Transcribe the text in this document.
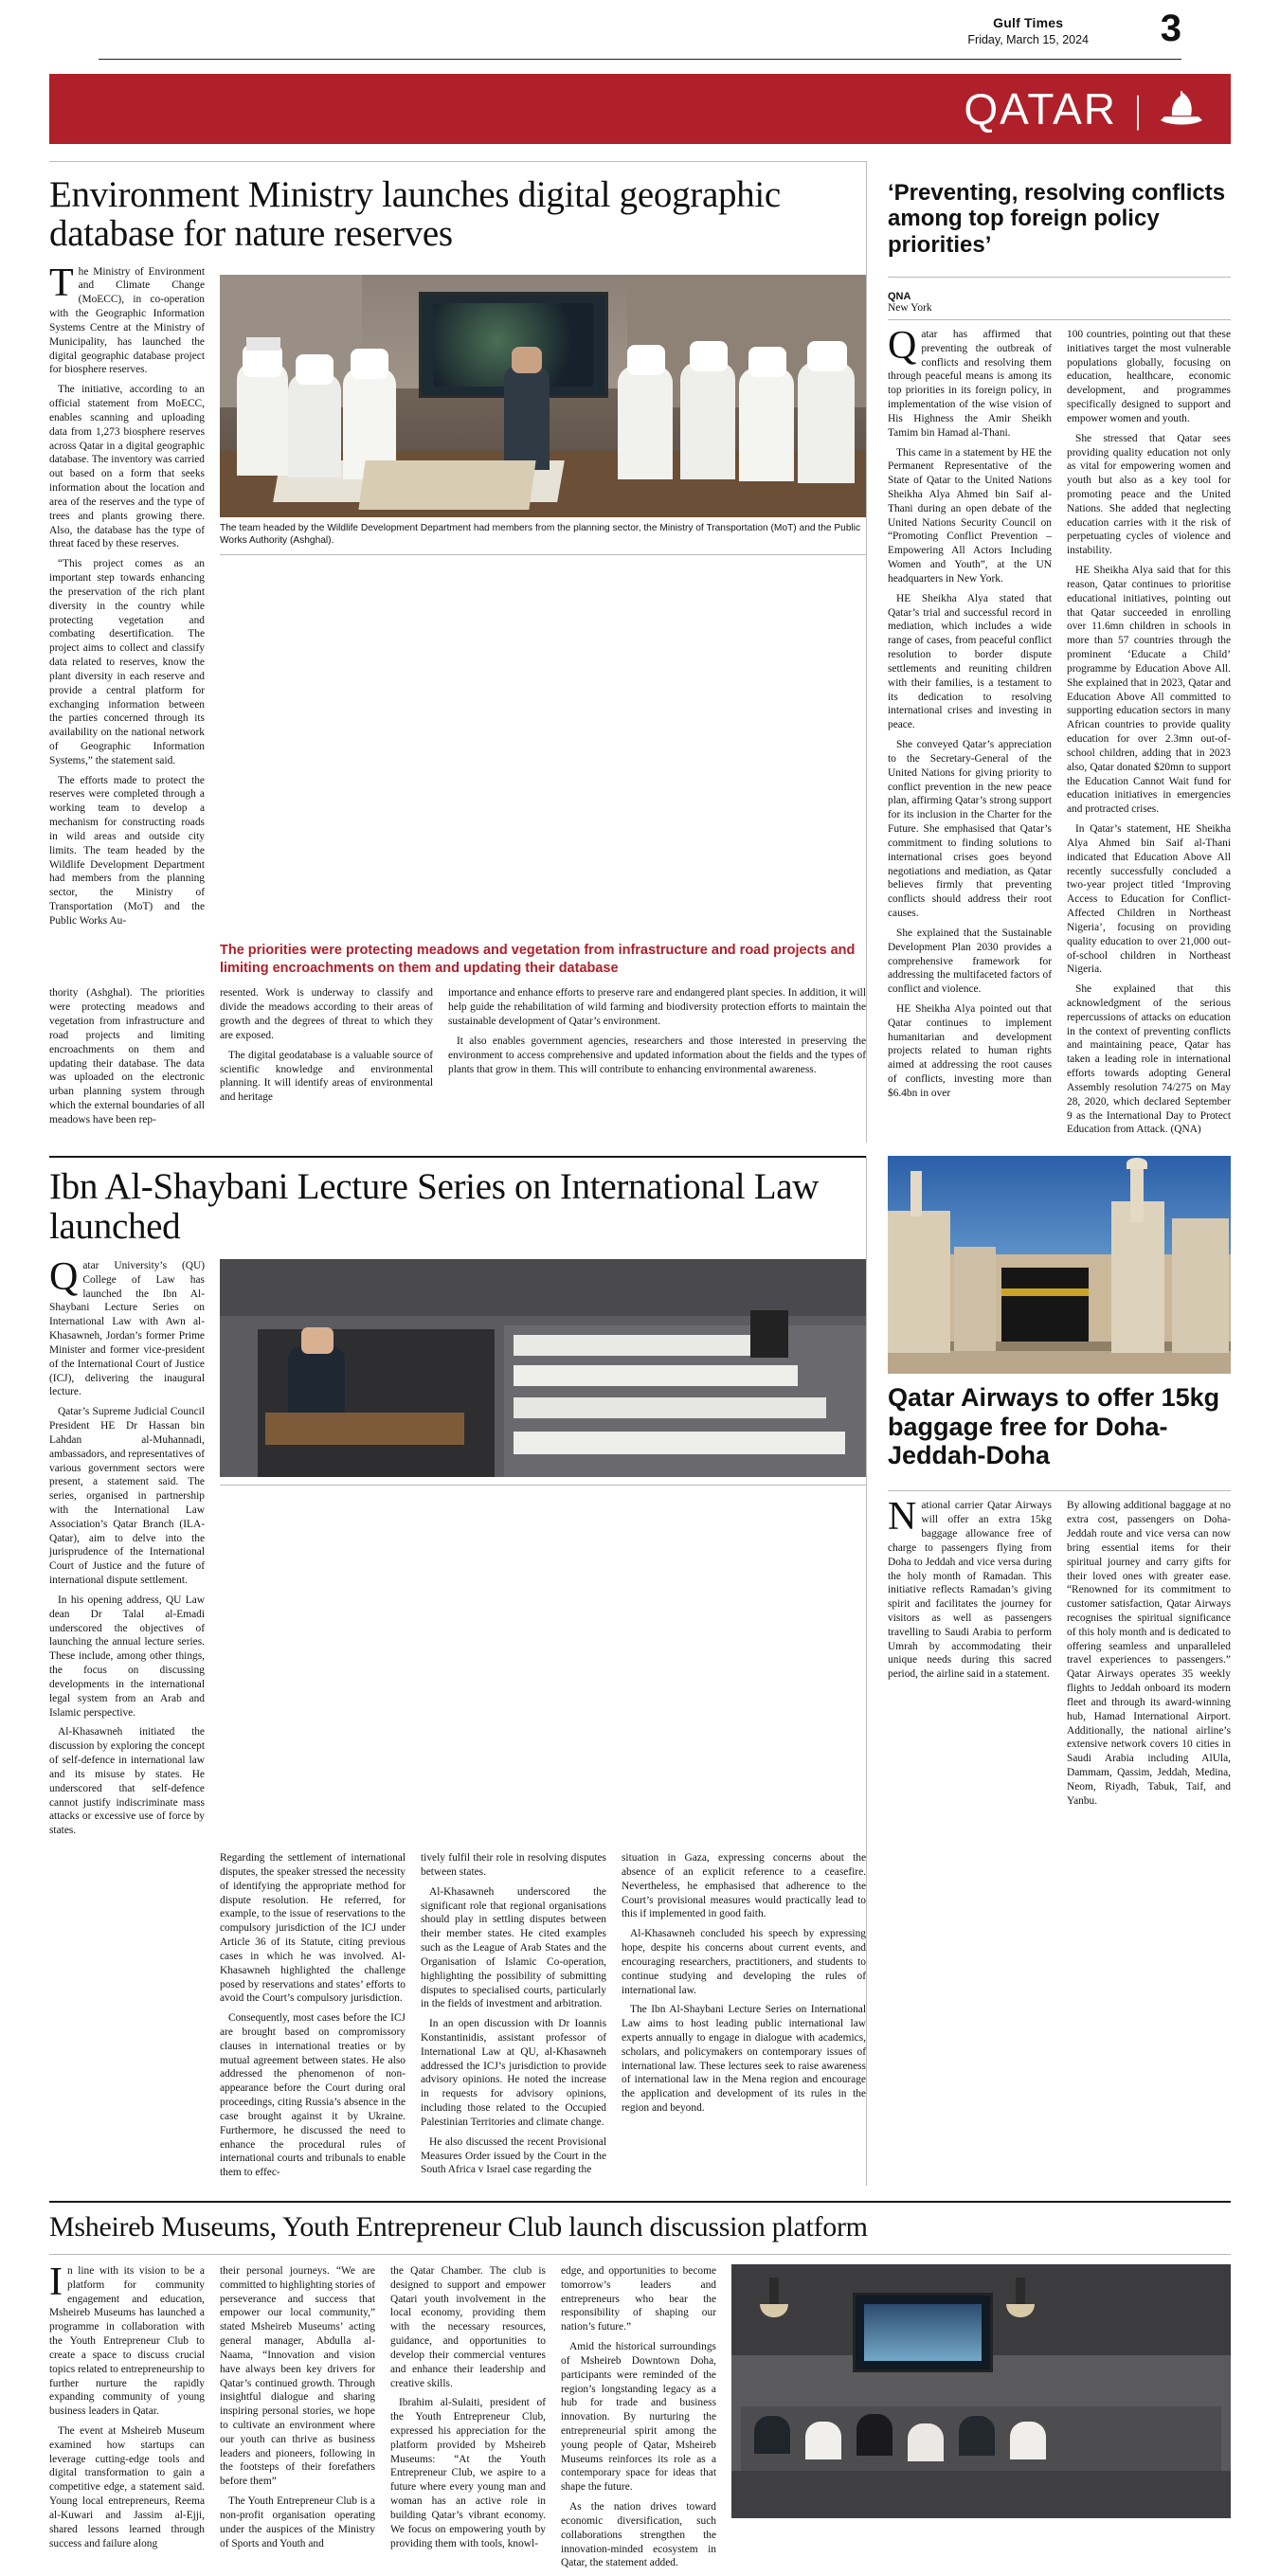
Gulf Times
Friday, March 15, 2024 3
QATAR |
Environment Ministry launches digital geographic database for nature reserves

The Ministry of Environment and Climate Change (MoECC), in co-operation with the Geographic Information Systems Centre at the Ministry of Municipality, has launched the digital geographic database project for biosphere reserves.

The initiative, according to an official statement from MoECC, enables scanning and uploading data from 1,273 biosphere reserves across Qatar in a digital geographic database. The inventory was carried out based on a form that seeks information about the location and area of the reserves and the type of trees and plants growing there. Also, the database has the type of threat faced by these reserves.

“This project comes as an important step towards enhancing the preservation of the rich plant diversity in the country while protecting vegetation and combating desertification. The project aims to collect and classify data related to reserves, know the plant diversity in each reserve and provide a central platform for exchanging information between the parties concerned through its availability on the national network of Geographic Information Systems,” the statement said.

The efforts made to protect the reserves were completed through a working team to develop a mechanism for constructing roads in wild areas and outside city limits. The team headed by the Wildlife Development Department had members from the planning sector, the Ministry of Transportation (MoT) and the Public Works Au-

The team headed by the Wildlife Development Department had members from the planning sector, the Ministry of Transportation (MoT) and the Public Works Authority (Ashghal).
The priorities were protecting meadows and vegetation from infrastructure and road projects and limiting encroachments on them and updating their database

thority (Ashghal). The priorities were protecting meadows and vegetation from infrastructure and road projects and limiting encroachments on them and updating their database. The data was uploaded on the electronic urban planning system through which the external boundaries of all meadows have been rep-

resented. Work is underway to classify and divide the meadows according to their areas of growth and the degrees of threat to which they are exposed.

The digital geodatabase is a valuable source of scientific knowledge and environmental planning. It will identify areas of environmental and heritage

importance and enhance efforts to preserve rare and endangered plant species. In addition, it will help guide the rehabilitation of wild farming and biodiversity protection efforts to maintain the sustainable development of Qatar’s environment.

It also enables government agencies, researchers and those interested in preserving the environment to access comprehensive and updated information about the fields and the types of plants that grow in them. This will contribute to enhancing environmental awareness.

‘Preventing, resolving conflicts among top foreign policy priorities’
QNA
New York

Qatar has affirmed that preventing the outbreak of conflicts and resolving them through peaceful means is among its top priorities in its foreign policy, in implementation of the wise vision of His Highness the Amir Sheikh Tamim bin Hamad al-Thani.

This came in a statement by HE the Permanent Representative of the State of Qatar to the United Nations Sheikha Alya Ahmed bin Saif al-Thani during an open debate of the United Nations Security Council on “Promoting Conflict Prevention – Empowering All Actors Including Women and Youth”, at the UN headquarters in New York.

HE Sheikha Alya stated that Qatar’s trial and successful record in mediation, which includes a wide range of cases, from peaceful conflict resolution to border dispute settlements and reuniting children with their families, is a testament to its dedication to resolving international crises and investing in peace.

She conveyed Qatar’s appreciation to the Secretary-General of the United Nations for giving priority to conflict prevention in the new peace plan, affirming Qatar’s strong support for its inclusion in the Charter for the Future. She emphasised that Qatar’s commitment to finding solutions to international crises goes beyond negotiations and mediation, as Qatar believes firmly that preventing conflicts should address their root causes.

She explained that the Sustainable Development Plan 2030 provides a comprehensive framework for addressing the multifaceted factors of conflict and violence.

HE Sheikha Alya pointed out that Qatar continues to implement humanitarian and development projects related to human rights aimed at addressing the root causes of conflicts, investing more than $6.4bn in over

100 countries, pointing out that these initiatives target the most vulnerable populations globally, focusing on education, healthcare, economic development, and programmes specifically designed to support and empower women and youth.

She stressed that Qatar sees providing quality education not only as vital for empowering women and youth but also as a key tool for promoting peace and the United Nations. She added that neglecting education carries with it the risk of perpetuating cycles of violence and instability.

HE Sheikha Alya said that for this reason, Qatar continues to prioritise educational initiatives, pointing out that Qatar succeeded in enrolling over 11.6mn children in schools in more than 57 countries through the prominent ‘Educate a Child’ programme by Education Above All. She explained that in 2023, Qatar and Education Above All committed to supporting education sectors in many African countries to provide quality education for over 2.3mn out-of-school children, adding that in 2023 also, Qatar donated $20mn to support the Education Cannot Wait fund for education initiatives in emergencies and protracted crises.

In Qatar’s statement, HE Sheikha Alya Ahmed bin Saif al-Thani indicated that Education Above All recently successfully concluded a two-year project titled ‘Improving Access to Education for Conflict-Affected Children in Northeast Nigeria’, focusing on providing quality education to over 21,000 out-of-school children in Northeast Nigeria.

She explained that this acknowledgment of the serious repercussions of attacks on education in the context of preventing conflicts and maintaining peace, Qatar has taken a leading role in international efforts towards adopting General Assembly resolution 74/275 on May 28, 2020, which declared September 9 as the International Day to Protect Education from Attack. (QNA)

Ibn Al-Shaybani Lecture Series on International Law launched

Qatar University’s (QU) College of Law has launched the Ibn Al-Shaybani Lecture Series on International Law with Awn al-Khasawneh, Jordan’s former Prime Minister and former vice-president of the International Court of Justice (ICJ), delivering the inaugural lecture.

Qatar’s Supreme Judicial Council President HE Dr Hassan bin Lahdan al-Muhannadi, ambassadors, and representatives of various government sectors were present, a statement said. The series, organised in partnership with the International Law Association’s Qatar Branch (ILA-Qatar), aim to delve into the jurisprudence of the International Court of Justice and the future of international dispute settlement.

In his opening address, QU Law dean Dr Talal al-Emadi underscored the objectives of launching the annual lecture series. These include, among other things, the focus on discussing developments in the international legal system from an Arab and Islamic perspective.

Al-Khasawneh initiated the discussion by exploring the concept of self-defence in international law and its misuse by states. He underscored that self-defence cannot justify indiscriminate mass attacks or excessive use of force by states.

Regarding the settlement of international disputes, the speaker stressed the necessity of identifying the appropriate method for dispute resolution. He referred, for example, to the issue of reservations to the compulsory jurisdiction of the ICJ under Article 36 of its Statute, citing previous cases in which he was involved. Al-Khasawneh highlighted the challenge posed by reservations and states’ efforts to avoid the Court’s compulsory jurisdiction.

Consequently, most cases before the ICJ are brought based on compromissory clauses in international treaties or by mutual agreement between states. He also addressed the phenomenon of non-appearance before the Court during oral proceedings, citing Russia’s absence in the case brought against it by Ukraine. Furthermore, he discussed the need to enhance the procedural rules of international courts and tribunals to enable them to effec-

tively fulfil their role in resolving disputes between states.

Al-Khasawneh underscored the significant role that regional organisations should play in settling disputes between their member states. He cited examples such as the League of Arab States and the Organisation of Islamic Co-operation, highlighting the possibility of submitting disputes to specialised courts, particularly in the fields of investment and arbitration.

In an open discussion with Dr Ioannis Konstantinidis, assistant professor of International Law at QU, al-Khasawneh addressed the ICJ’s jurisdiction to provide advisory opinions. He noted the increase in requests for advisory opinions, including those related to the Occupied Palestinian Territories and climate change.

He also discussed the recent Provisional Measures Order issued by the Court in the South Africa v Israel case regarding the

situation in Gaza, expressing concerns about the absence of an explicit reference to a ceasefire. Nevertheless, he emphasised that adherence to the Court’s provisional measures would practically lead to this if implemented in good faith.

Al-Khasawneh concluded his speech by expressing hope, despite his concerns about current events, and encouraging researchers, practitioners, and students to continue studying and developing the rules of international law.

The Ibn Al-Shaybani Lecture Series on International Law aims to host leading public international law experts annually to engage in dialogue with academics, scholars, and policymakers on contemporary issues of international law. These lectures seek to raise awareness of international law in the Mena region and encourage the application and development of its rules in the region and beyond.

Qatar Airways to offer 15kg baggage free for Doha-Jeddah-Doha

National carrier Qatar Airways will offer an extra 15kg baggage allowance free of charge to passengers flying from Doha to Jeddah and vice versa during the holy month of Ramadan. This initiative reflects Ramadan’s giving spirit and facilitates the journey for visitors as well as passengers travelling to Saudi Arabia to perform Umrah by accommodating their unique needs during this sacred period, the airline said in a statement.

By allowing additional baggage at no extra cost, passengers on Doha-Jeddah route and vice versa can now bring essential items for their spiritual journey and carry gifts for their loved ones with greater ease. “Renowned for its commitment to customer satisfaction, Qatar Airways recognises the spiritual significance of this holy month and is dedicated to offering seamless and unparalleled travel experiences to passengers.” Qatar Airways operates 35 weekly flights to Jeddah onboard its modern fleet and through its award-winning hub, Hamad International Airport. Additionally, the national airline’s extensive network covers 10 cities in Saudi Arabia including AlUla, Dammam, Qassim, Jeddah, Medina, Neom, Riyadh, Tabuk, Taif, and Yanbu.

Msheireb Museums, Youth Entrepreneur Club launch discussion platform

In line with its vision to be a platform for community engagement and education, Msheireb Museums has launched a programme in collaboration with the Youth Entrepreneur Club to create a space to discuss crucial topics related to entrepreneurship to further nurture the rapidly expanding community of young business leaders in Qatar.

The event at Msheireb Museum examined how startups can leverage cutting-edge tools and digital transformation to gain a competitive edge, a statement said. Young local entrepreneurs, Reema al-Kuwari and Jassim al-Ejji, shared lessons learned through success and failure along

their personal journeys. “We are committed to highlighting stories of perseverance and success that empower our local community,” stated Msheireb Museums’ acting general manager, Abdulla al-Naama, “Innovation and vision have always been key drivers for Qatar’s continued growth. Through insightful dialogue and sharing inspiring personal stories, we hope to cultivate an environment where our youth can thrive as business leaders and pioneers, following in the footsteps of their forefathers before them”

The Youth Entrepreneur Club is a non-profit organisation operating under the auspices of the Ministry of Sports and Youth and

the Qatar Chamber. The club is designed to support and empower Qatari youth involvement in the local economy, providing them with the necessary resources, guidance, and opportunities to develop their commercial ventures and enhance their leadership and creative skills.

Ibrahim al-Sulaiti, president of the Youth Entrepreneur Club, expressed his appreciation for the platform provided by Msheireb Museums: “At the Youth Entrepreneur Club, we aspire to a future where every young man and woman has an active role in building Qatar’s vibrant economy. We focus on empowering youth by providing them with tools, knowl-

edge, and opportunities to become tomorrow’s leaders and entrepreneurs who bear the responsibility of shaping our nation’s future.”

Amid the historical surroundings of Msheireb Downtown Doha, participants were reminded of the region’s longstanding legacy as a hub for trade and business innovation. By nurturing the entrepreneurial spirit among the young people of Qatar, Msheireb Museums reinforces its role as a contemporary space for ideas that shape the future.

As the nation drives toward economic diversification, such collaborations strengthen the innovation-minded ecosystem in Qatar, the statement added.
